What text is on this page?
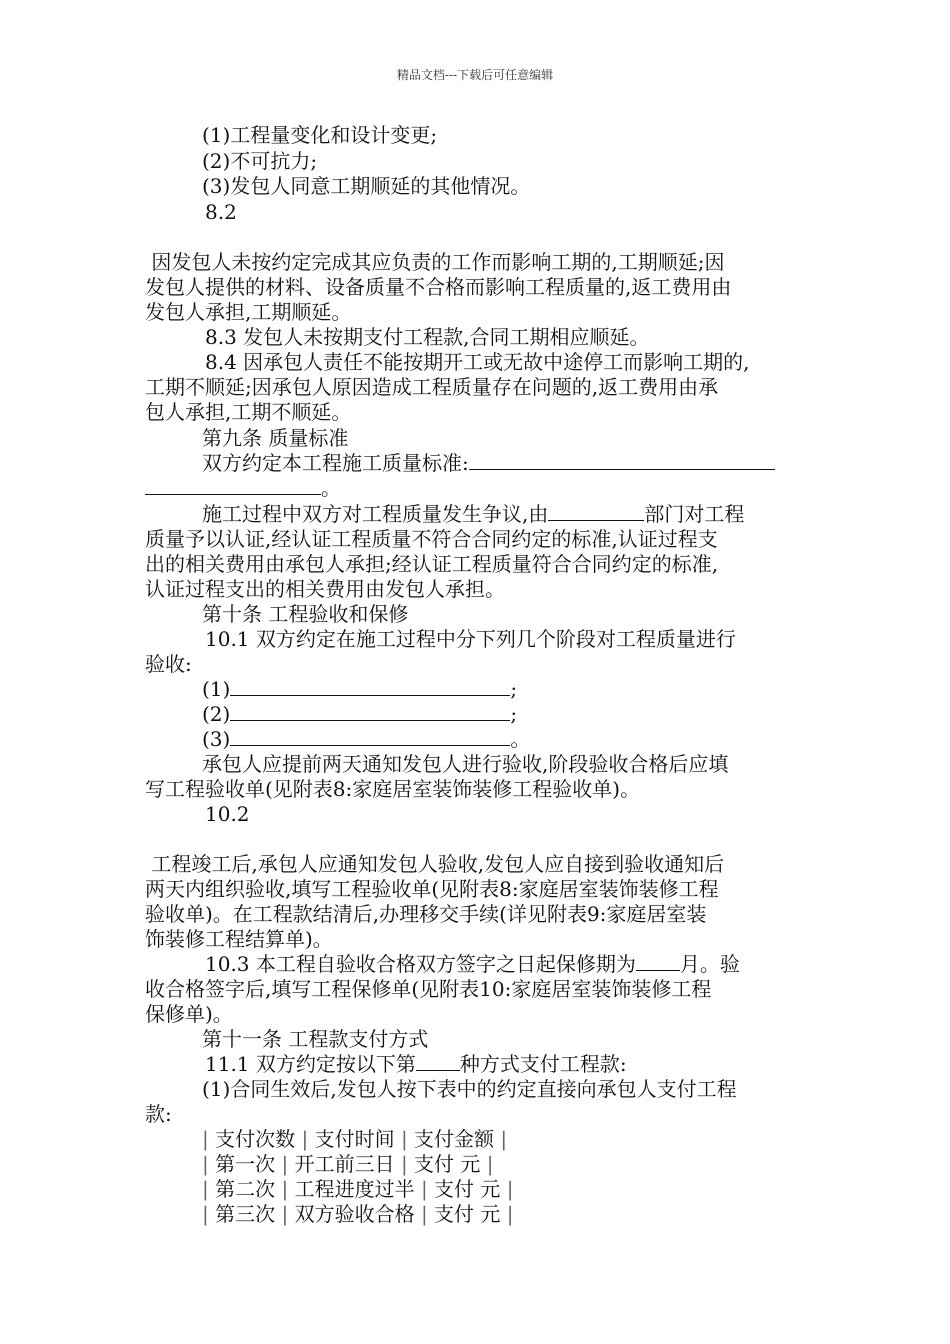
精品文档---下载后可任意编辑
(1)工程量变化和设计变更;
(2)不可抗力;
(3)发包人同意工期顺延的其他情况。
8.2
因发包人未按约定完成其应负责的工作而影响工期的,工期顺延;因
发包人提供的材料、设备质量不合格而影响工程质量的,返工费用由
发包人承担,工期顺延。
8.3 发包人未按期支付工程款,合同工期相应顺延。
8.4 因承包人责任不能按期开工或无故中途停工而影响工期的,
工期不顺延;因承包人原因造成工程质量存在问题的,返工费用由承
包人承担,工期不顺延。
第九条 质量标准
双方约定本工程施工质量标准:
。
施工过程中双方对工程质量发生争议,由	部门对工程
质量予以认证,经认证工程质量不符合合同约定的标准,认证过程支
出的相关费用由承包人承担;经认证工程质量符合合同约定的标准,
认证过程支出的相关费用由发包人承担。
第十条 工程验收和保修
10.1 双方约定在施工过程中分下列几个阶段对工程质量进行
验收:
(1)	;
(2)	;
(3)	。
承包人应提前两天通知发包人进行验收,阶段验收合格后应填
写工程验收单(见附表8:家庭居室装饰装修工程验收单)。
10.2
工程竣工后,承包人应通知发包人验收,发包人应自接到验收通知后
两天内组织验收,填写工程验收单(见附表8:家庭居室装饰装修工程
验收单)。在工程款结清后,办理移交手续(详见附表9:家庭居室装
饰装修工程结算单)。
10.3 本工程自验收合格双方签字之日起保修期为 月。验
收合格签字后,填写工程保修单(见附表10:家庭居室装饰装修工程
保修单)。
第十一条 工程款支付方式
11.1 双方约定按以下第 种方式支付工程款:
(1)合同生效后,发包人按下表中的约定直接向承包人支付工程
款:
| 支付次数 | 支付时间 | 支付金额 |
| 第一次 | 开工前三日 | 支付 元 |
| 第二次 | 工程进度过半 | 支付 元 |
| 第三次 | 双方验收合格 | 支付 元 |
